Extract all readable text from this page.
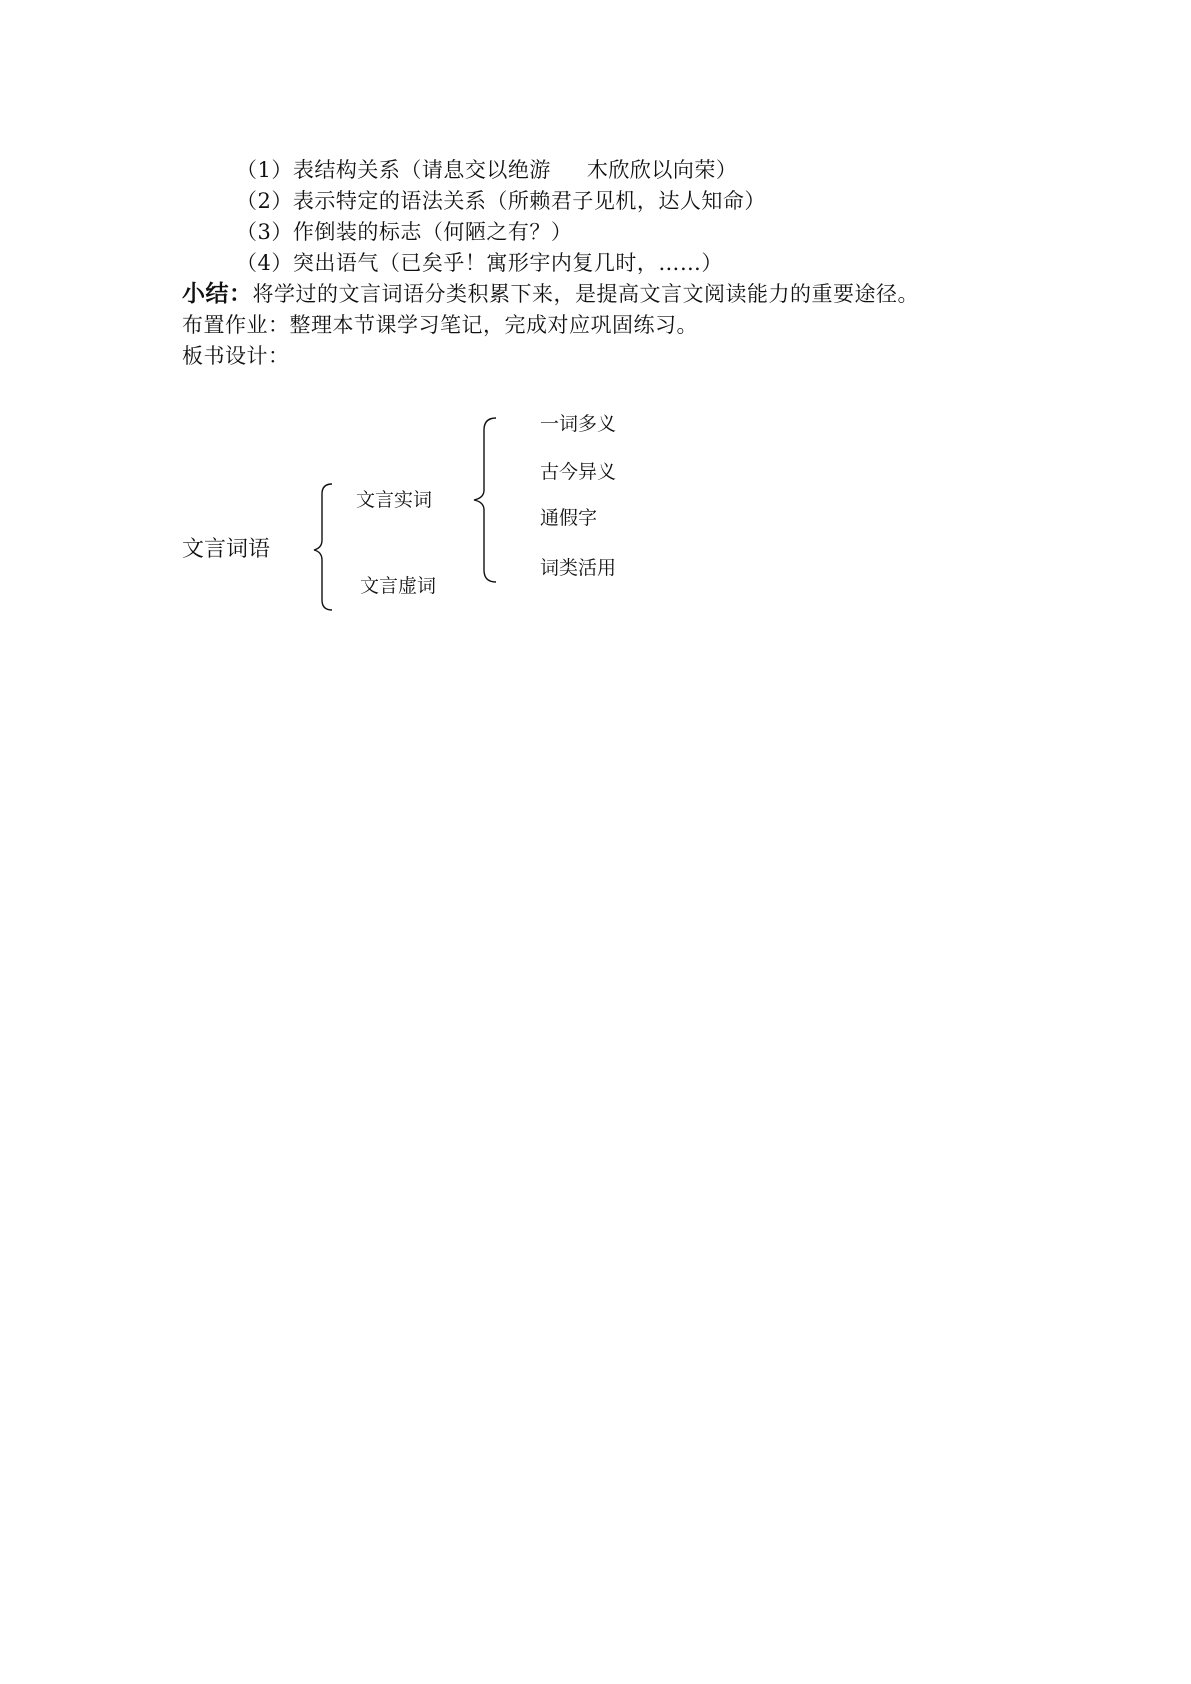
（1）表结构关系（请息交以绝游 木欣欣以向荣）
（2）表示特定的语法关系（所赖君子见机，达人知命）
（3）作倒装的标志（何陋之有？）
（4）突出语气（已矣乎！寓形宇内复几时，……）
小结：将学过的文言词语分类积累下来，是提高文言文阅读能力的重要途径。
布置作业：整理本节课学习笔记，完成对应巩固练习。
板书设计：
文言词语
文言实词
文言虚词
一词多义
古今异义
通假字
词类活用
